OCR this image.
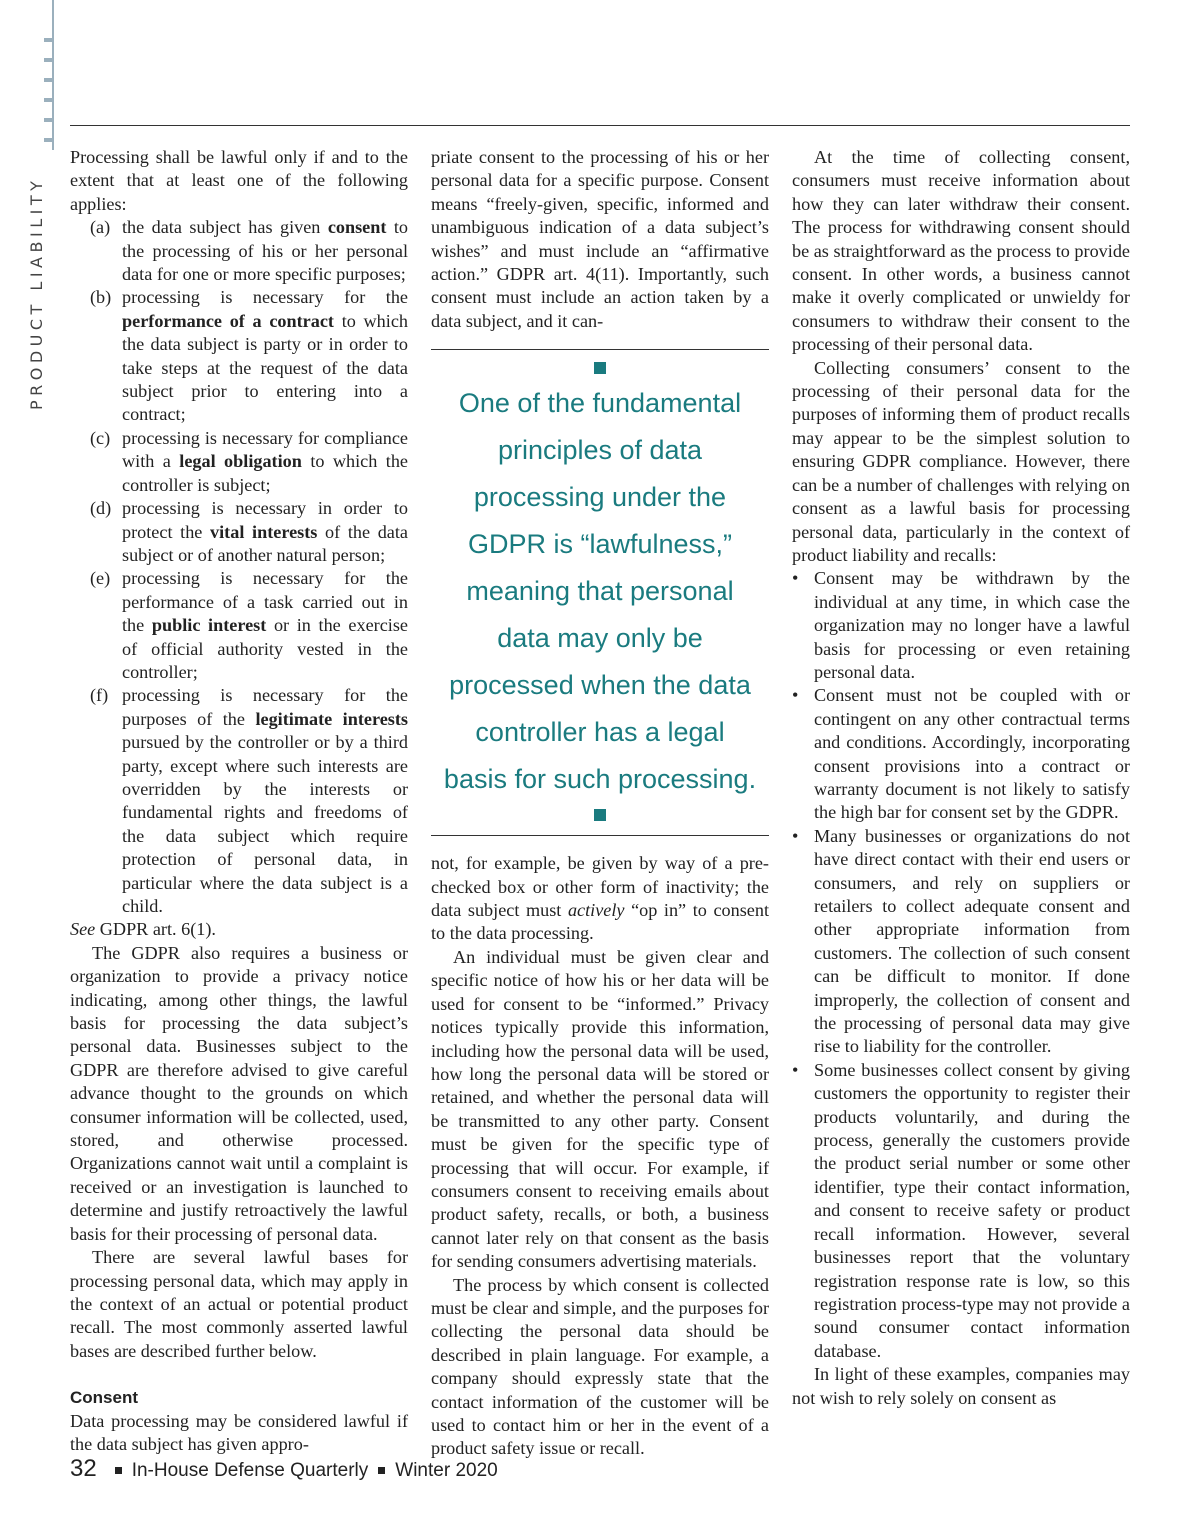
PRODUCT LIABILITY

Processing shall be lawful only if and to the extent that at least one of the following applies:

(a) the data subject has given consent to the processing of his or her personal data for one or more specific purposes;
(b) processing is necessary for the performance of a contract to which the data subject is party or in order to take steps at the request of the data subject prior to entering into a contract;
(c) processing is necessary for compliance with a legal obligation to which the controller is subject;
(d) processing is necessary in order to protect the vital interests of the data subject or of another natural person;
(e) processing is necessary for the performance of a task carried out in the public interest or in the exercise of official authority vested in the controller;
(f) processing is necessary for the purposes of the legitimate interests pursued by the controller or by a third party, except where such interests are overridden by the interests or fundamental rights and freedoms of the data subject which require protection of personal data, in particular where the data subject is a child.

See GDPR art. 6(1).

The GDPR also requires a business or organization to provide a privacy notice indicating, among other things, the lawful basis for processing the data subject’s personal data. Businesses subject to the GDPR are therefore advised to give careful advance thought to the grounds on which consumer information will be collected, used, stored, and otherwise processed. Organizations cannot wait until a complaint is received or an investigation is launched to determine and justify retroactively the lawful basis for their processing of personal data.

There are several lawful bases for processing personal data, which may apply in the context of an actual or potential product recall. The most commonly asserted lawful bases are described further below.

Consent

Data processing may be considered lawful if the data subject has given appro-

priate consent to the processing of his or her personal data for a specific purpose. Consent means “freely-given, specific, informed and unambiguous indication of a data subject’s wishes” and must include an “affirmative action.” GDPR art. 4(11). Importantly, such consent must include an action taken by a data subject, and it can-

One of the fundamental principles of data processing under the GDPR is “lawfulness,” meaning that personal data may only be processed when the data controller has a legal basis for such processing.

not, for example, be given by way of a pre-checked box or other form of inactivity; the data subject must actively “op in” to consent to the data processing.

An individual must be given clear and specific notice of how his or her data will be used for consent to be “informed.” Privacy notices typically provide this information, including how the personal data will be used, how long the personal data will be stored or retained, and whether the personal data will be transmitted to any other party. Consent must be given for the specific type of processing that will occur. For example, if consumers consent to receiving emails about product safety, recalls, or both, a business cannot later rely on that consent as the basis for sending consumers advertising materials.

The process by which consent is collected must be clear and simple, and the purposes for collecting the personal data should be described in plain language. For example, a company should expressly state that the contact information of the customer will be used to contact him or her in the event of a product safety issue or recall.

At the time of collecting consent, consumers must receive information about how they can later withdraw their consent. The process for withdrawing consent should be as straightforward as the process to provide consent. In other words, a business cannot make it overly complicated or unwieldy for consumers to withdraw their consent to the processing of their personal data.

Collecting consumers’ consent to the processing of their personal data for the purposes of informing them of product recalls may appear to be the simplest solution to ensuring GDPR compliance. However, there can be a number of challenges with relying on consent as a lawful basis for processing personal data, particularly in the context of product liability and recalls:

• Consent may be withdrawn by the individual at any time, in which case the organization may no longer have a lawful basis for processing or even retaining personal data.
• Consent must not be coupled with or contingent on any other contractual terms and conditions. Accordingly, incorporating consent provisions into a contract or warranty document is not likely to satisfy the high bar for consent set by the GDPR.
• Many businesses or organizations do not have direct contact with their end users or consumers, and rely on suppliers or retailers to collect adequate consent and other appropriate information from customers. The collection of such consent can be difficult to monitor. If done improperly, the collection of consent and the processing of personal data may give rise to liability for the controller.
• Some businesses collect consent by giving customers the opportunity to register their products voluntarily, and during the process, generally the customers provide the product serial number or some other identifier, type their contact information, and consent to receive safety or product recall information. However, several businesses report that the voluntary registration response rate is low, so this registration process-type may not provide a sound consumer contact information database.

In light of these examples, companies may not wish to rely solely on consent as

32 In-House Defense Quarterly Winter 2020
